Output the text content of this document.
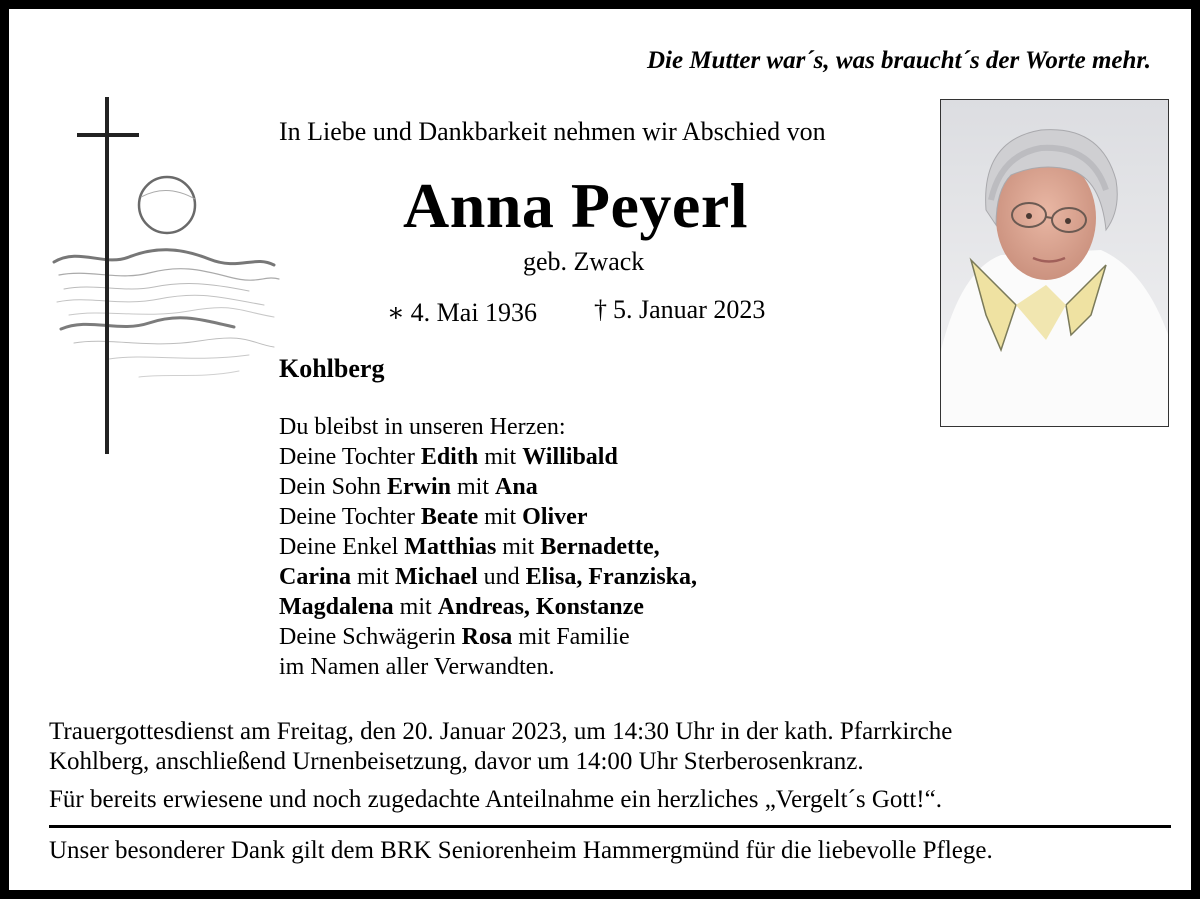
Die Mutter war´s, was braucht´s der Worte mehr.
In Liebe und Dankbarkeit nehmen wir Abschied von
Anna Peyerl
geb. Zwack
∗ 4. Mai 1936 † 5. Januar 2023
Kohlberg
Du bleibst in unseren Herzen:
Deine Tochter Edith mit Willibald
Dein Sohn Erwin mit Ana
Deine Tochter Beate mit Oliver
Deine Enkel Matthias mit Bernadette,
Carina mit Michael und Elisa, Franziska,
Magdalena mit Andreas, Konstanze
Deine Schwägerin Rosa mit Familie
im Namen aller Verwandten.
Trauergottesdienst am Freitag, den 20. Januar 2023, um 14:30 Uhr in der kath. Pfarrkirche
Kohlberg, anschließend Urnenbeisetzung, davor um 14:00 Uhr Sterberosenkranz.
Für bereits erwiesene und noch zugedachte Anteilnahme ein herzliches „Vergelt´s Gott!“.
Unser besonderer Dank gilt dem BRK Seniorenheim Hammergmünd für die liebevolle Pflege.
